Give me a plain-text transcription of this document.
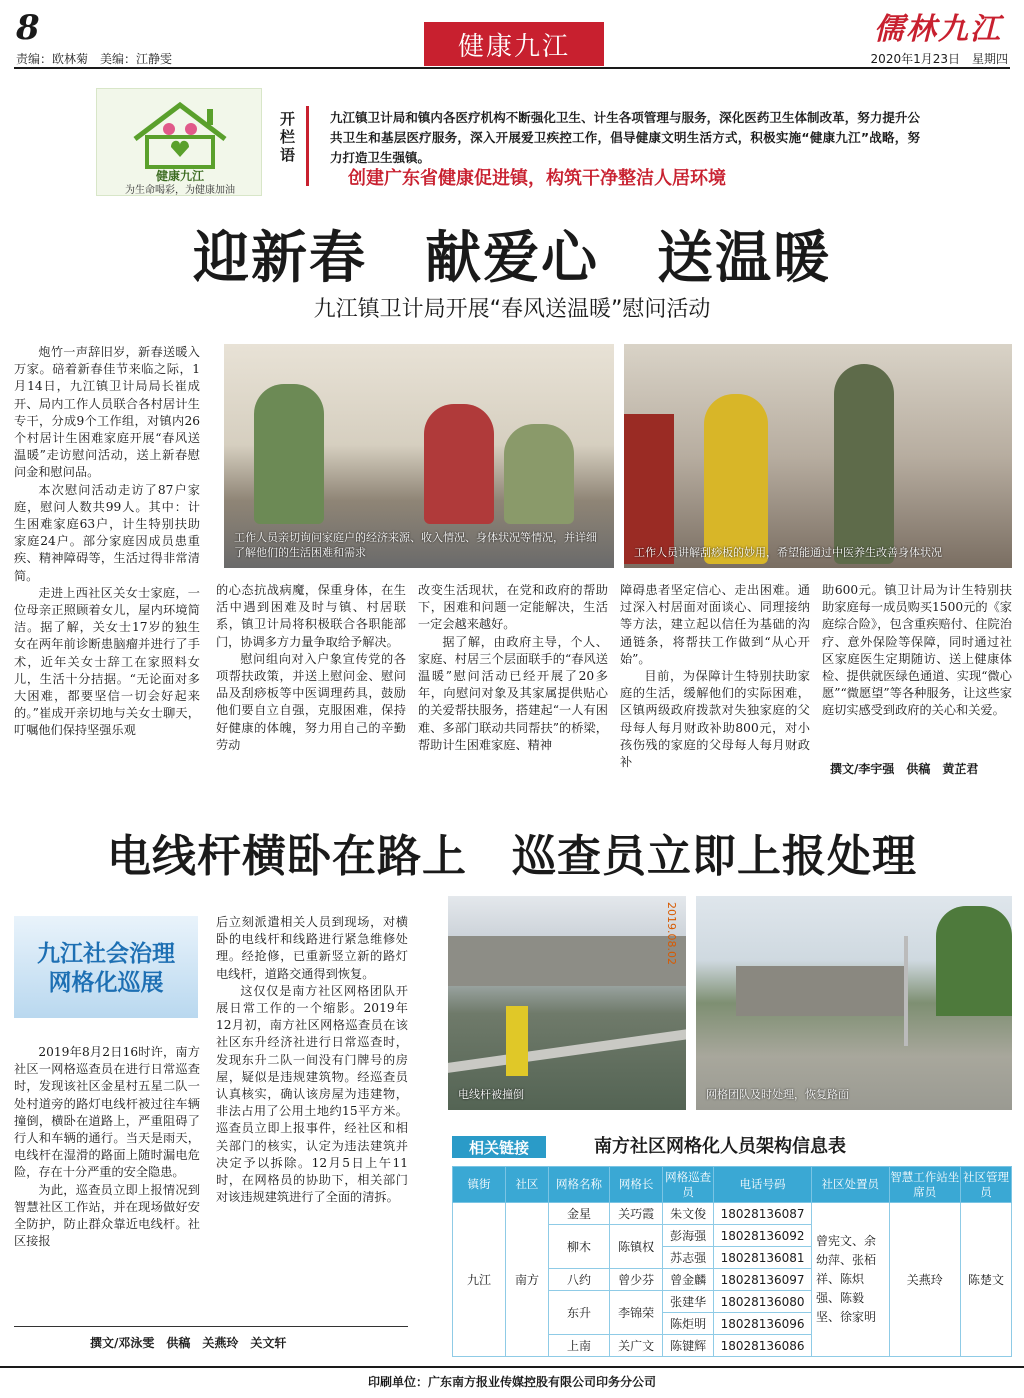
8
责编：欧林菊　美编：江静雯	健康九江	儒林九江
2020年1月23日　星期四
健康九江
为生命喝彩，为健康加油
开栏语
九江镇卫计局和镇内各医疗机构不断强化卫生、计生各项管理与服务，深化医药卫生体制改革，努力提升公共卫生和基层医疗服务，深入开展爱卫疾控工作，倡导健康文明生活方式，积极实施“健康九江”战略，努力打造卫生强镇。
创建广东省健康促进镇，构筑干净整洁人居环境
迎新春　献爱心　送温暖
九江镇卫计局开展“春风送温暖”慰问活动

炮竹一声辞旧岁，新春送暖入万家。碚着新春佳节来临之际，1月14日，九江镇卫计局局长崔成开、局内工作人员联合各村居计生专干，分成9个工作组，对镇内26个村居计生困难家庭开展“春风送温暖”走访慰问活动，送上新春慰问金和慰问品。

本次慰问活动走访了87户家庭，慰问人数共99人。其中：计生困难家庭63户，计生特别扶助家庭24户。部分家庭因成员患重疾、精神障碍等，生活过得非常清简。

走进上西社区关女士家庭，一位母亲正照顾着女儿，屋内环境简洁。据了解，关女士17岁的独生女在两年前诊断患脑瘤并进行了手术，近年关女士辞工在家照料女儿，生活十分拮据。“无论面对多大困难，都要坚信一切会好起来的。”崔成开亲切地与关女士聊天，叮嘱他们保持坚强乐观

工作人员亲切询问家庭户的经济来源、收入情况、身体状况等情况，并详细了解他们的生活困难和需求	工作人员讲解刮痧板的妙用，希望能通过中医养生改善身体状况

的心态抗战病魔，保重身体，在生活中遇到困难及时与镇、村居联系，镇卫计局将积极联合各职能部门，协调多方力量争取给予解决。

慰问组向对入户象宣传党的各项帮扶政策，并送上慰问金、慰问品及刮痧板等中医调理药具，鼓励他们要自立自强，克服困难，保持好健康的体魄，努力用自己的辛勤劳动

改变生活现状，在党和政府的帮助下，困难和问题一定能解决，生活一定会越来越好。

据了解，由政府主导，个人、家庭、村居三个层面联手的“春风送温暖”慰问活动已经开展了20多年，向慰问对象及其家属提供贴心的关爱帮扶服务，搭建起“一人有困难、多部门联动共同帮扶”的桥梁，帮助计生困难家庭、精神

障碍患者坚定信心、走出困难。通过深入村居面对面谈心、同理接纳等方法，建立起以信任为基础的沟通链条，将帮扶工作做到“从心开始”。

目前，为保障计生特别扶助家庭的生活，缓解他们的实际困难，区镇两级政府拨款对失独家庭的父母每人每月财政补助800元，对小孩伤残的家庭的父母每人每月财政补

助600元。镇卫计局为计生特别扶助家庭每一成员购买1500元的《家庭综合险》，包含重疾赔付、住院治疗、意外保险等保障，同时通过社区家庭医生定期随访、送上健康体检、提供就医绿色通道、实现“微心愿”“微愿望”等各种服务，让这些家庭切实感受到政府的关心和关爱。

撰文/李宇强　供稿　黄芷君
电线杆横卧在路上　巡查员立即上报处理
九江社会治理
网格化巡展

2019年8月2日16时许，南方社区一网格巡查员在进行日常巡查时，发现该社区金星村五星二队一处村道旁的路灯电线杆被过往车辆撞倒，横卧在道路上，严重阻碍了行人和车辆的通行。当天是雨天，电线杆在湿滑的路面上随时漏电危险，存在十分严重的安全隐患。

为此，巡查员立即上报情况到智慧社区工作站，并在现场做好安全防护，防止群众靠近电线杆。社区接报

后立刻派遣相关人员到现场，对横卧的电线杆和线路进行紧急维修处理。经抢修，已重新竖立新的路灯电线杆，道路交通得到恢复。

这仅仅是南方社区网格团队开展日常工作的一个缩影。2019年12月初，南方社区网格巡查员在该社区东升经济社进行日常巡查时，发现东升二队一间没有门牌号的房屋，疑似是违规建筑物。经巡查员认真核实，确认该房屋为违建物，非法占用了公用土地约15平方米。巡查员立即上报事件，经社区和相关部门的核实，认定为违法建筑并决定予以拆除。12月5日上午11时，在网格员的协助下，相关部门对该违规建筑进行了全面的清拆。

撰文/邓泳雯　供稿　关燕玲　关文轩
2019.08.02
电线杆被撞倒	网格团队及时处理，恢复路面
相关链接	南方社区网格化人员架构信息表
镇街	社区	网格名称	网格长	网格巡查员	电话号码	社区处置员	智慧工作站坐席员	社区管理员
九江	南方	金星	关巧霞	朱文俊	18028136087	曾宪文、余幼萍、张栢祥、陈炽强、陈毅坚、徐家明	关燕玲	陈楚文
		柳木	陈镇权	彭海强	18028136092			
				苏志强	18028136081			
		八约	曾少芬	曾金麟	18028136097			
		东升	李锦荣	张建华	18028136080			
				陈炬明	18028136096			
		上南	关广文	陈键辉	18028136086			
印刷单位：广东南方报业传媒控股有限公司印务分公司
